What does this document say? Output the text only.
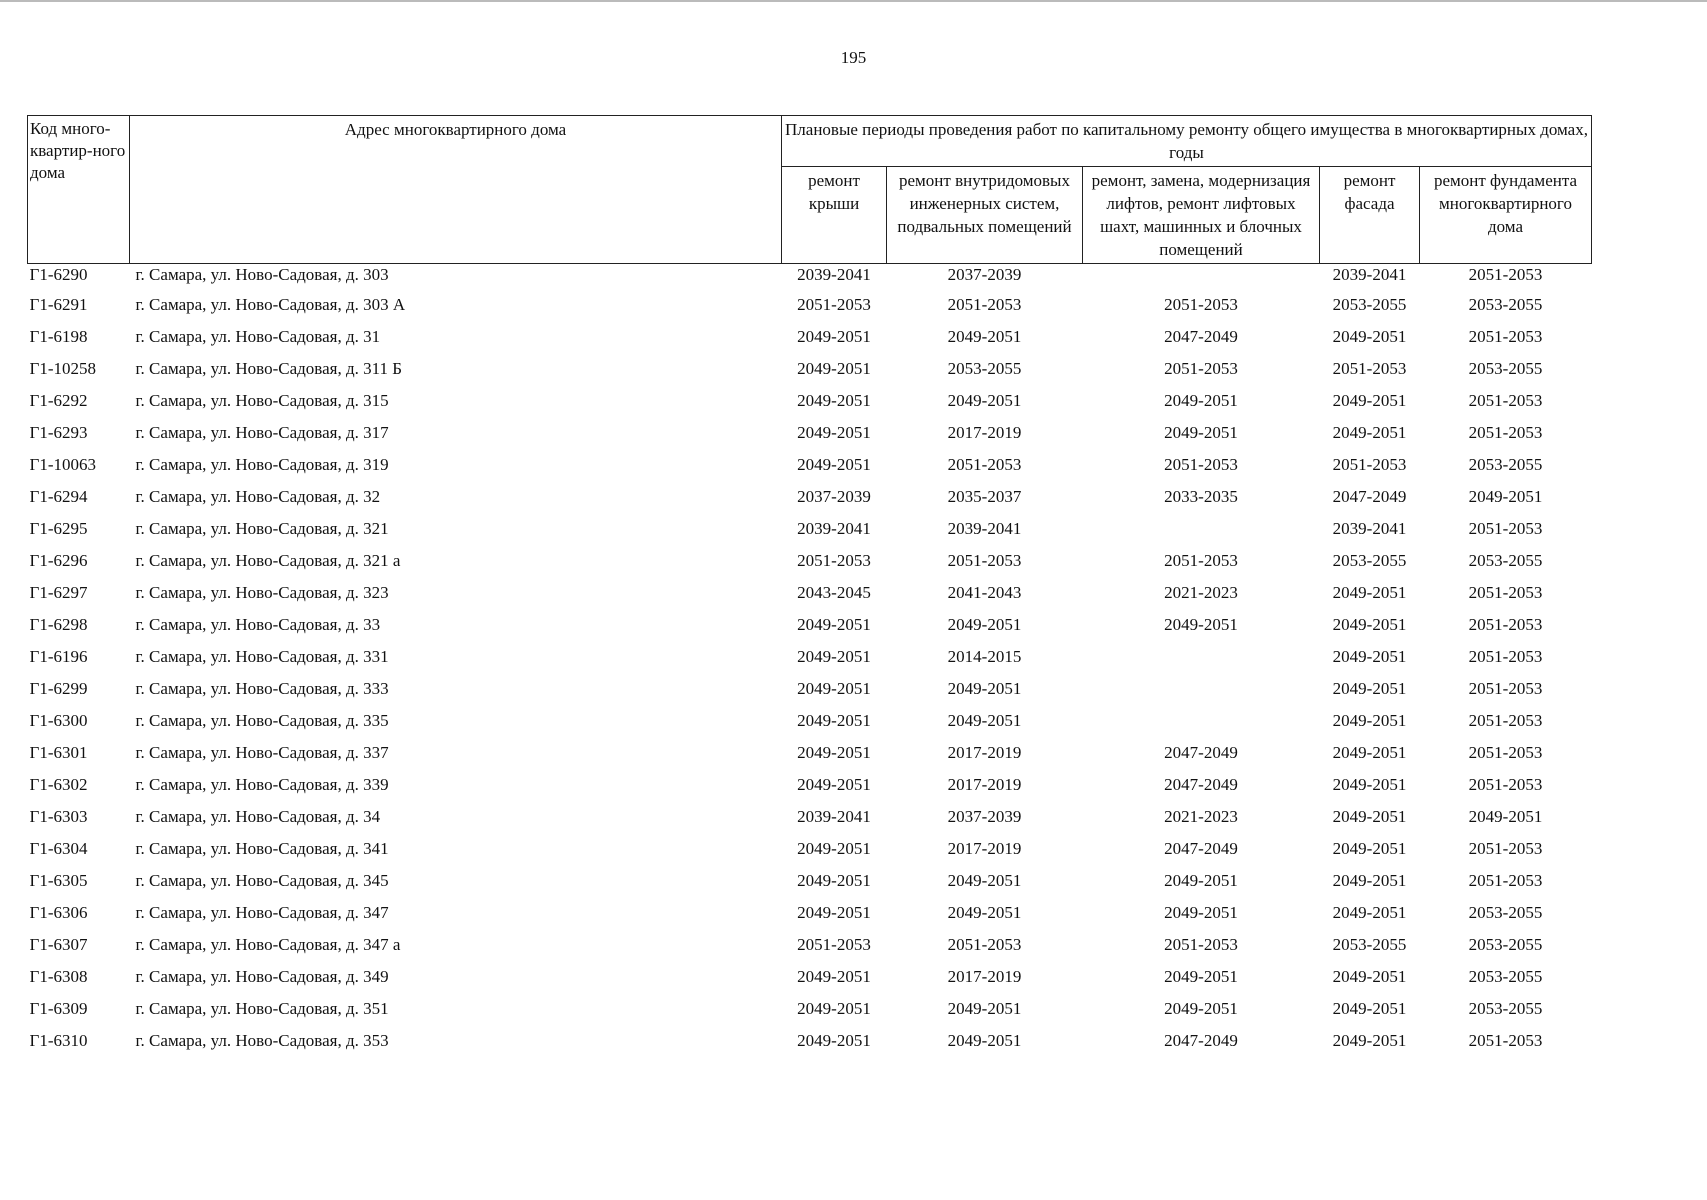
195
Код много-квартир-ного дома	Адрес многоквартирного дома	Плановые периоды проведения работ по капитальному ремонту общего имущества в многоквартирных домах, годы				
		ремонт крыши	ремонт внутридомовых инженерных систем, подвальных помещений	ремонт, замена, модернизация лифтов, ремонт лифтовых шахт, машинных и блочных помещений	ремонт фасада	ремонт фундамента многоквартирного дома
Г1-6290	г. Самара, ул. Ново-Садовая, д. 303	2039-2041	2037-2039		2039-2041	2051-2053
Г1-6291	г. Самара, ул. Ново-Садовая, д. 303 А	2051-2053	2051-2053	2051-2053	2053-2055	2053-2055
Г1-6198	г. Самара, ул. Ново-Садовая, д. 31	2049-2051	2049-2051	2047-2049	2049-2051	2051-2053
Г1-10258	г. Самара, ул. Ново-Садовая, д. 311 Б	2049-2051	2053-2055	2051-2053	2051-2053	2053-2055
Г1-6292	г. Самара, ул. Ново-Садовая, д. 315	2049-2051	2049-2051	2049-2051	2049-2051	2051-2053
Г1-6293	г. Самара, ул. Ново-Садовая, д. 317	2049-2051	2017-2019	2049-2051	2049-2051	2051-2053
Г1-10063	г. Самара, ул. Ново-Садовая, д. 319	2049-2051	2051-2053	2051-2053	2051-2053	2053-2055
Г1-6294	г. Самара, ул. Ново-Садовая, д. 32	2037-2039	2035-2037	2033-2035	2047-2049	2049-2051
Г1-6295	г. Самара, ул. Ново-Садовая, д. 321	2039-2041	2039-2041		2039-2041	2051-2053
Г1-6296	г. Самара, ул. Ново-Садовая, д. 321 а	2051-2053	2051-2053	2051-2053	2053-2055	2053-2055
Г1-6297	г. Самара, ул. Ново-Садовая, д. 323	2043-2045	2041-2043	2021-2023	2049-2051	2051-2053
Г1-6298	г. Самара, ул. Ново-Садовая, д. 33	2049-2051	2049-2051	2049-2051	2049-2051	2051-2053
Г1-6196	г. Самара, ул. Ново-Садовая, д. 331	2049-2051	2014-2015		2049-2051	2051-2053
Г1-6299	г. Самара, ул. Ново-Садовая, д. 333	2049-2051	2049-2051		2049-2051	2051-2053
Г1-6300	г. Самара, ул. Ново-Садовая, д. 335	2049-2051	2049-2051		2049-2051	2051-2053
Г1-6301	г. Самара, ул. Ново-Садовая, д. 337	2049-2051	2017-2019	2047-2049	2049-2051	2051-2053
Г1-6302	г. Самара, ул. Ново-Садовая, д. 339	2049-2051	2017-2019	2047-2049	2049-2051	2051-2053
Г1-6303	г. Самара, ул. Ново-Садовая, д. 34	2039-2041	2037-2039	2021-2023	2049-2051	2049-2051
Г1-6304	г. Самара, ул. Ново-Садовая, д. 341	2049-2051	2017-2019	2047-2049	2049-2051	2051-2053
Г1-6305	г. Самара, ул. Ново-Садовая, д. 345	2049-2051	2049-2051	2049-2051	2049-2051	2051-2053
Г1-6306	г. Самара, ул. Ново-Садовая, д. 347	2049-2051	2049-2051	2049-2051	2049-2051	2053-2055
Г1-6307	г. Самара, ул. Ново-Садовая, д. 347 а	2051-2053	2051-2053	2051-2053	2053-2055	2053-2055
Г1-6308	г. Самара, ул. Ново-Садовая, д. 349	2049-2051	2017-2019	2049-2051	2049-2051	2053-2055
Г1-6309	г. Самара, ул. Ново-Садовая, д. 351	2049-2051	2049-2051	2049-2051	2049-2051	2053-2055
Г1-6310	г. Самара, ул. Ново-Садовая, д. 353	2049-2051	2049-2051	2047-2049	2049-2051	2051-2053
